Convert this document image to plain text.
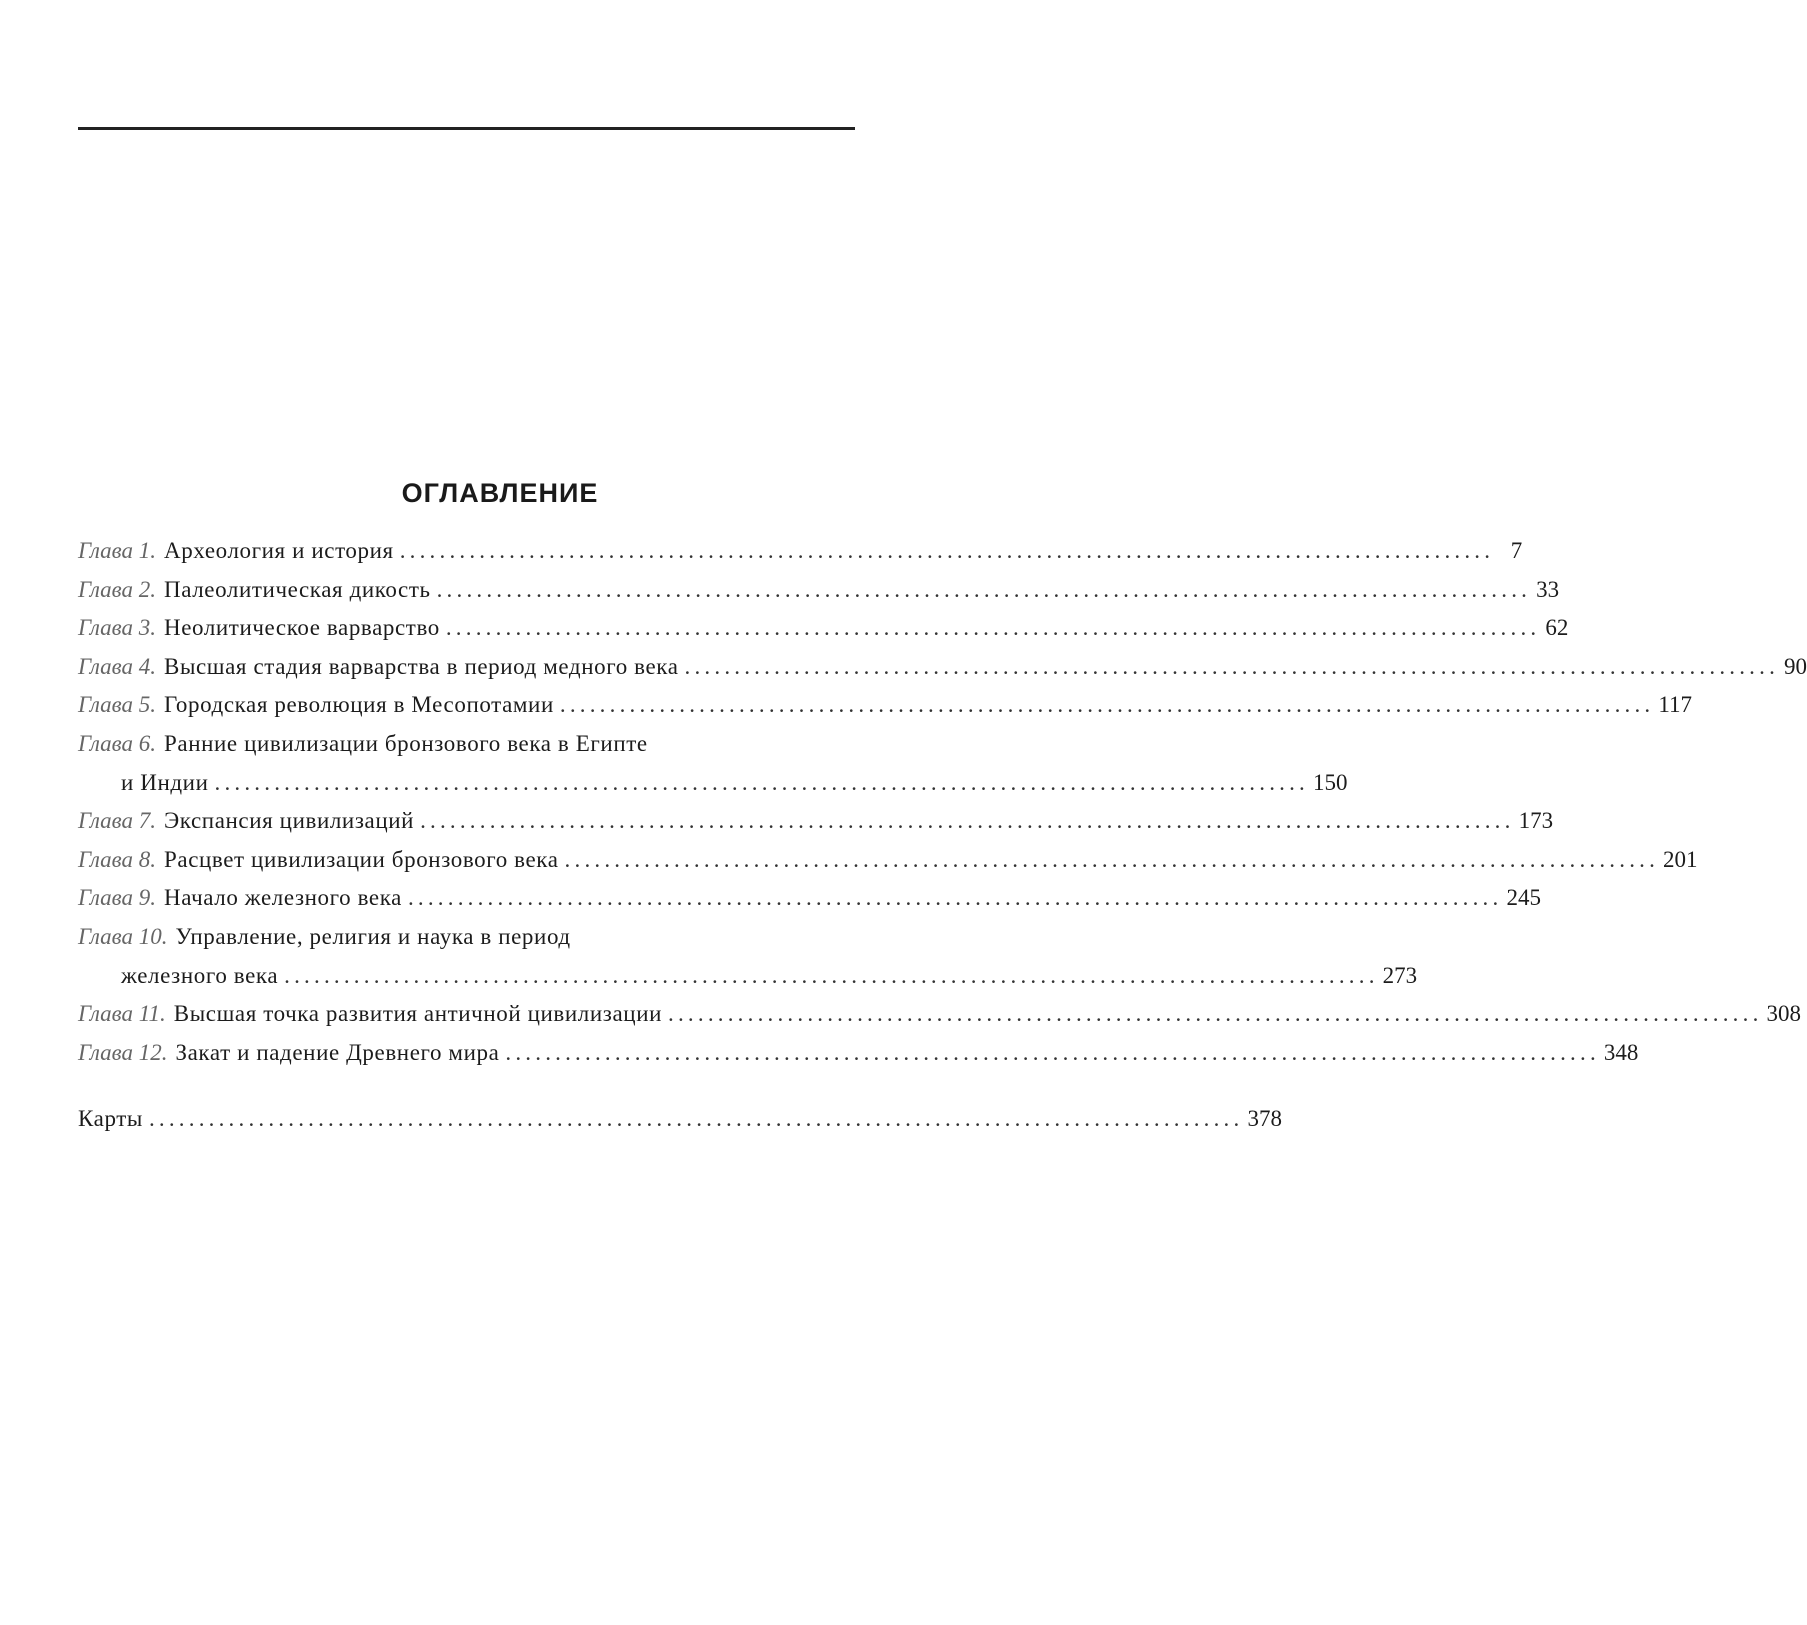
ОГЛАВЛЕНИЕ
Глава 1. Археология и история .............................................................................................................. 7
Глава 2. Палеолитическая дикость .............................................................................................................. 33
Глава 3. Неолитическое варварство .............................................................................................................. 62
Глава 4. Высшая стадия варварства в период медного века .............................................................................................................. 90
Глава 5. Городская революция в Месопотамии .............................................................................................................. 117
Глава 6. Ранние цивилизации бронзового века в Египте
и Индии .............................................................................................................. 150
Глава 7. Экспансия цивилизаций .............................................................................................................. 173
Глава 8. Расцвет цивилизации бронзового века .............................................................................................................. 201
Глава 9. Начало железного века .............................................................................................................. 245
Глава 10. Управление, религия и наука в период
железного века .............................................................................................................. 273
Глава 11. Высшая точка развития античной цивилизации .............................................................................................................. 308
Глава 12. Закат и падение Древнего мира .............................................................................................................. 348
Карты .............................................................................................................. 378
